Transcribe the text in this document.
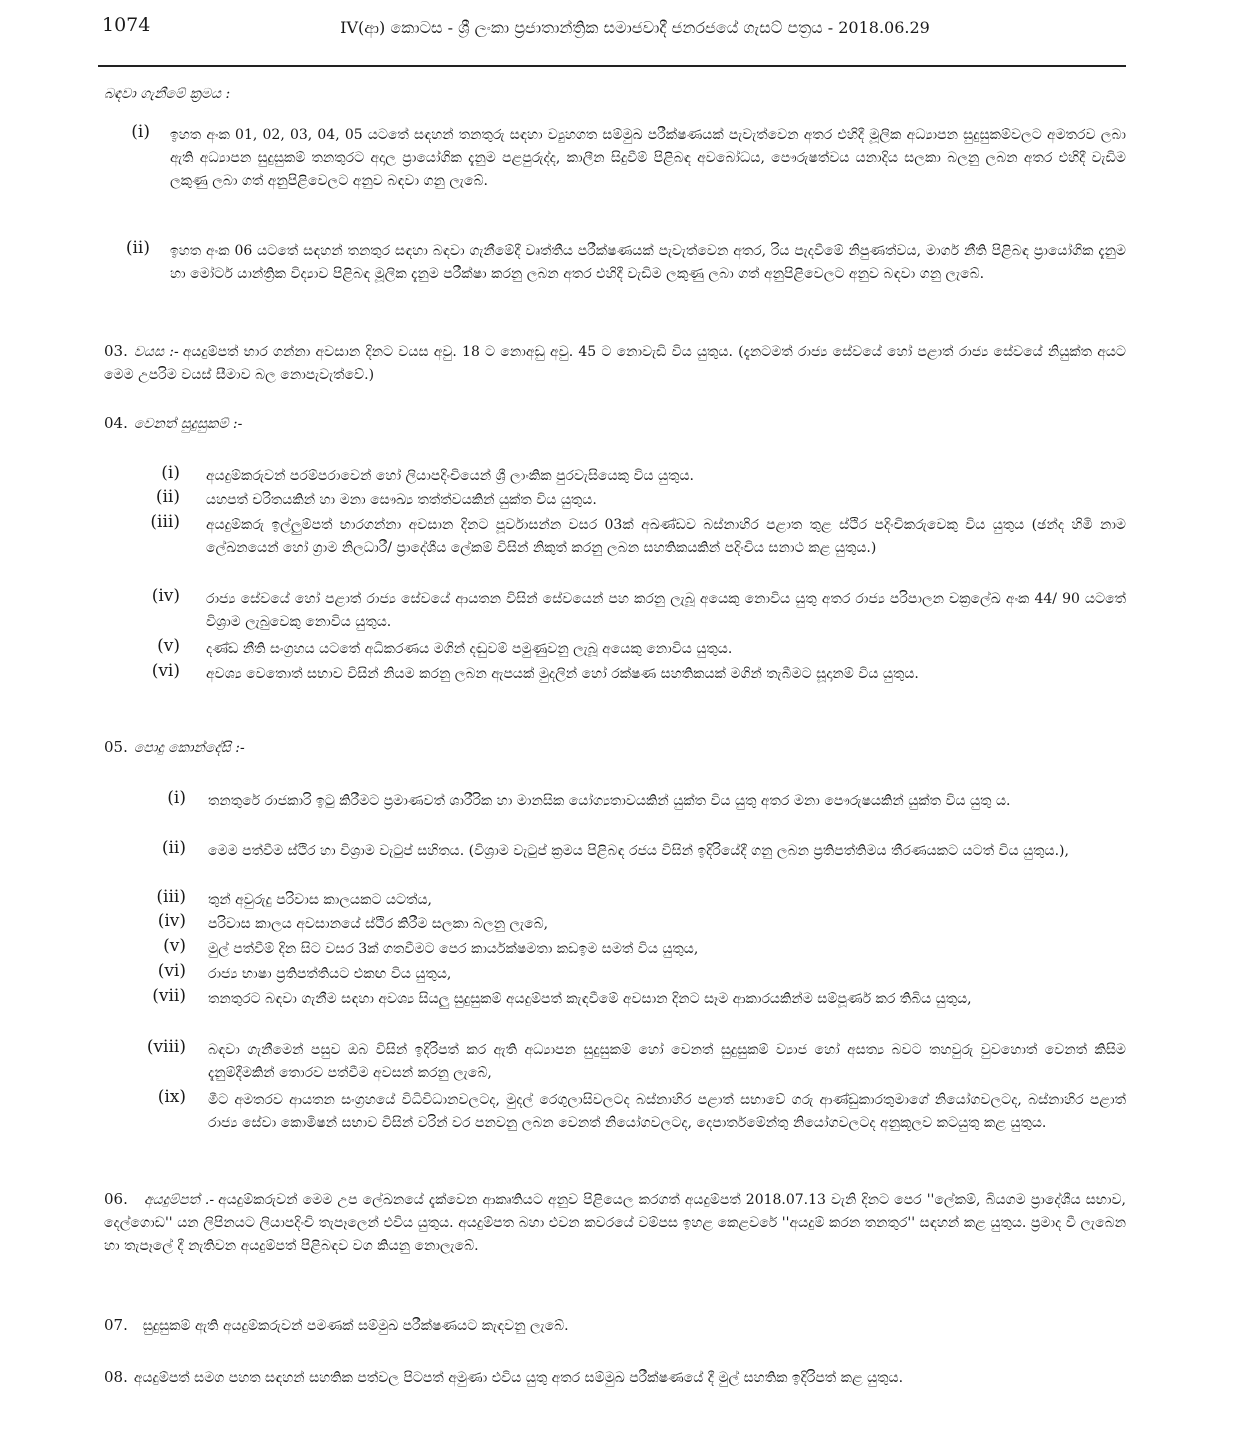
1074	IV(ආ) කොටස - ශ්‍රී ලංකා ප්‍රජාතාන්ත්‍රික සමාජවාදී ජනරජයේ ගැසට් පත්‍රය - 2018.06.29
බඳවා ගැනීමේ ක්‍රමය :
(i) ඉහත අංක 01, 02, 03, 04, 05 යටතේ සඳහන් තනතුරු සඳහා ව්‍යුහගත සම්මුඛ පරීක්ෂණයක් පැවැත්වෙන අතර එහිදී මූලික අධ්‍යාපන සුදුසුකම්වලට අමතරව ලබා ඇති අධ්‍යාපන සුදුසුකම් තනතුරට අදාල ප්‍රායෝගික දැනුම පළපුරුද්ද, කාලීන සිදුවීම් පිළිබඳ අවබෝධය, පෞරුෂත්වය යනාදිය සලකා බලනු ලබන අතර එහිදී වැඩිම ලකුණු ලබා ගත් අනුපිළිවෙලට අනුව බඳවා ගනු ලැබේ.
(ii) ඉහත අංක 06 යටතේ සඳහන් තනතුර සඳහා බඳවා ගැනීමේදී වෘත්තීය පරීක්ෂණයක් පැවැත්වෙන අතර, රිය පැදවීමේ නිපුණත්වය, මාර්ග නීති පිළිබඳ ප්‍රායෝගික දැනුම හා මෝටර් යාන්ත්‍රික විද්‍යාව පිළිබඳ මූලික දැනුම පරීක්ෂා කරනු ලබන අතර එහිදී වැඩිම ලකුණු ලබා ගත් අනුපිළිවෙලට අනුව බඳවා ගනු ලැබේ.
03. වයස :- අයදුම්පත් භාර ගන්නා අවසාන දිනට වයස අවු. 18 ට නොඅඩු අවු. 45 ට නොවැඩි විය යුතුය. (දැනටමත් රාජ්‍ය සේවයේ හෝ පළාත් රාජ්‍ය සේවයේ නියුක්ත අයට මෙම උපරිම වයස් සීමාව බල නොපැවැත්වේ.)
04. වෙනත් සුදුසුකම් :-
(i) අයදුම්කරුවන් පරම්පරාවෙන් හෝ ලියාපදිංචියෙන් ශ්‍රී ලාංකික පුරවැසියෙකු විය යුතුය.
(ii) යහපත් චරිතයකින් හා මනා සෞඛ්‍ය තත්ත්වයකින් යුක්ත විය යුතුය.
(iii) අයදුම්කරු ඉල්ලුම්පත් භාරගන්නා අවසාන දිනට පූර්වාසන්න වසර 03ක් අඛණ්ඩව බස්නාහිර පළාත තුළ ස්ථිර පදිංචිකරුවෙකු විය යුතුය (ඡන්ද හිමි නාම ලේඛනයෙන් හෝ ග්‍රාම නිලධාරී/ ප්‍රාදේශීය ලේකම් විසින් නිකුත් කරනු ලබන සහතිකයකින් පදිංචිය සනාථ කළ යුතුය.)
(iv) රාජ්‍ය සේවයේ හෝ පළාත් රාජ්‍ය සේවයේ ආයතන විසින් සේවයෙන් පහ කරනු ලැබූ අයෙකු නොවිය යුතු අතර රාජ්‍ය පරිපාලන චක්‍රලේඛ අංක 44/ 90 යටතේ විශ්‍රාම ලැබුවෙකු නොවිය යුතුය.
(v) දණ්ඩ නීති සංග්‍රහය යටතේ අධිකරණය මගින් දඬුවම් පමුණුවනු ලැබූ අයෙකු නොවිය යුතුය.
(vi) අවශ්‍ය වෙතොත් සභාව විසින් නියම කරනු ලබන ඇපයක් මුදලින් හෝ රක්ෂණ සහතිකයක් මගින් තැබීමට සූදානම් විය යුතුය.
05. පොදු කොන්දේසි :-
(i) තනතුරේ රාජකාරි ඉටු කිරීමට ප්‍රමාණවත් ශාරීරික හා මානසික යෝග්‍යතාවයකින් යුක්ත විය යුතු අතර මනා පෞරුෂයකින් යුක්ත විය යුතු ය.
(ii) මෙම පත්වීම ස්ථිර හා විශ්‍රාම වැටුප් සහිතය. (විශ්‍රාම වැටුප් ක්‍රමය පිළිබඳ රජය විසින් ඉදිරියේදී ගනු ලබන ප්‍රතිපත්තිමය තීරණයකට යටත් විය යුතුය.),
(iii) තුන් අවුරුදු පරිවාස කාලයකට යටත්ය,
(iv) පරිවාස කාලය අවසානයේ ස්ථිර කිරීම සලකා බලනු ලැබේ,
(v) මුල් පත්වීම් දින සිට වසර 3ක් ගතවීමට පෙර කාර්යක්ෂමතා කඩඉම සමත් විය යුතුය,
(vi) රාජ්‍ය භාෂා ප්‍රතිපත්තියට එකඟ විය යුතුය,
(vii) තනතුරට බඳවා ගැනීම සඳහා අවශ්‍ය සියලු සුදුසුකම් අයදුම්පත් කැඳවීමේ අවසාන දිනට සෑම ආකාරයකින්ම සම්පූර්ණ කර තිබිය යුතුය,
(viii) බඳවා ගැනීමෙන් පසුව ඔබ විසින් ඉදිරිපත් කර ඇති අධ්‍යාපන සුදුසුකම් හෝ වෙනත් සුදුසුකම් ව්‍යාජ හෝ අසත්‍ය බවට තහවුරු වුවහොත් වෙනත් කිසිම දැනුම්දීමකින් තොරව පත්වීම අවසන් කරනු ලැබේ,
(ix) මීට අමතරව ආයතන සංග්‍රහයේ විධිවිධානවලටද, මුදල් රෙගුලාසිවලටද බස්නාහිර පළාත් සභාවේ ගරු ආණ්ඩුකාරතුමාගේ නියෝගවලටද, බස්නාහිර පළාත් රාජ්‍ය සේවා කොමිෂන් සභාව විසින් වරින් වර පනවනු ලබන වෙනත් නියෝගවලටද, දෙපාර්තමේන්තු නියෝගවලටද අනුකූලව කටයුතු කළ යුතුය.
06. අයදුම්පත් .- අයදුම්කරුවන් මෙම උප ලේඛනයේ දැක්වෙන ආකෘතියට අනුව පිළියෙල කරගත් අයදුම්පත් 2018.07.13 වැනි දිනට පෙර ''ලේකම්, බියගම ප්‍රාදේශීය සභාව, දෙල්ගොඩ'' යන ලිපිනයට ලියාපදිංචි තැපෑලෙන් එවිය යුතුය. අයදුම්පත බහා එවන කවරයේ වම්පස ඉහළ කෙළවරේ ''අයදුම් කරන තනතුර'' සඳහන් කළ යුතුය. ප්‍රමාද වී ලැබෙන හා තැපෑලේ දී නැතිවන අයදුම්පත් පිළිබඳව වග කියනු නොලැබේ.
07. සුදුසුකම් ඇති අයදුම්කරුවන් පමණක් සම්මුඛ පරීක්ෂණයට කැඳවනු ලැබේ.
08. අයදුම්පත් සමග පහත සඳහන් සහතික පත්වල පිටපත් අමුණා එවිය යුතු අතර සම්මුඛ පරීක්ෂණයේ දී මුල් සහතික ඉදිරිපත් කළ යුතුය.
